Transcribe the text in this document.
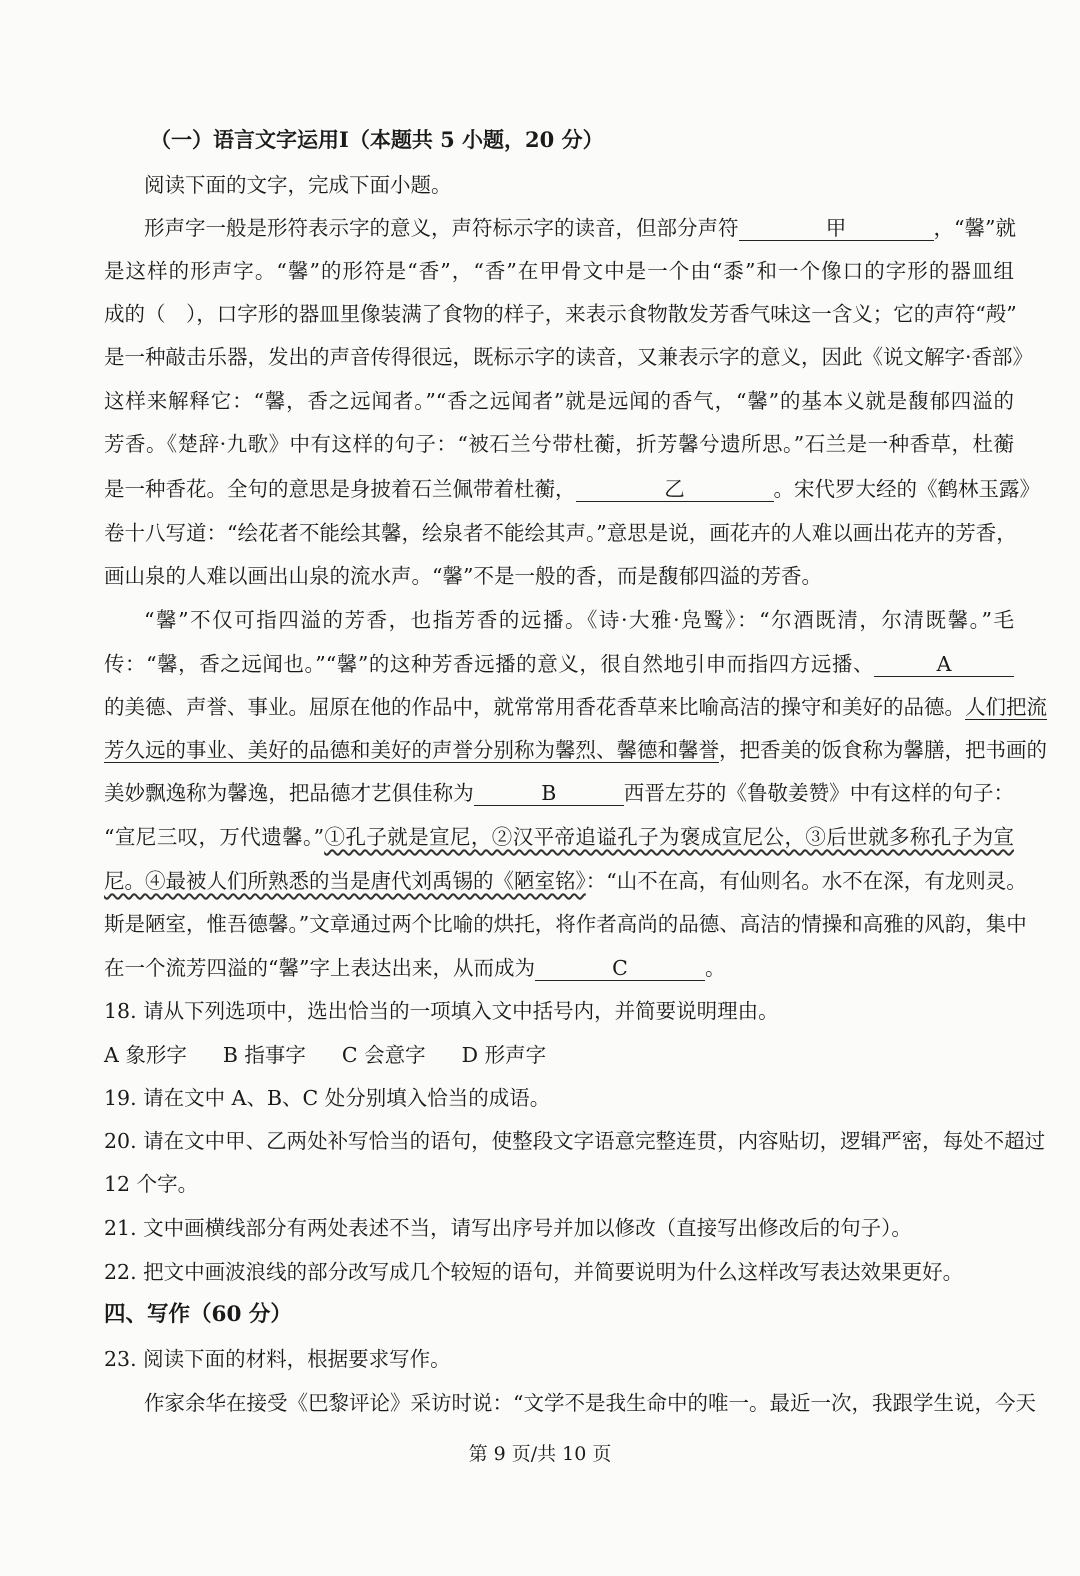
（一）语言文字运用Ⅰ（本题共 5 小题，20 分）
阅读下面的文字，完成下面小题。
形声字一般是形符表示字的意义，声符标示字的读音，但部分声符	甲	，“馨”就
是这样的形声字。“馨”的形符是“香”，“香”在甲骨文中是一个由“黍”和一个像口的字形的器皿组
成的（　），口字形的器皿里像装满了食物的样子，来表示食物散发芳香气味这一含义；它的声符“殸”
是一种敲击乐器，发出的声音传得很远，既标示字的读音，又兼表示字的意义，因此《说文解字·香部》
这样来解释它：“馨，香之远闻者。”“香之远闻者”就是远闻的香气，“馨”的基本义就是馥郁四溢的
芳香。《楚辞·九歌》中有这样的句子：“被石兰兮带杜蘅，折芳馨兮遗所思。”石兰是一种香草，杜蘅
是一种香花。全句的意思是身披着石兰佩带着杜蘅，	乙	。宋代罗大经的《鹤林玉露》
卷十八写道：“绘花者不能绘其馨，绘泉者不能绘其声。”意思是说，画花卉的人难以画出花卉的芳香，
画山泉的人难以画出山泉的流水声。“馨”不是一般的香，而是馥郁四溢的芳香。
“馨”不仅可指四溢的芳香，也指芳香的远播。《诗·大雅·凫鹥》：“尔酒既清，尔清既馨。”毛
传：“馨，香之远闻也。”“馨”的这种芳香远播的意义，很自然地引申而指四方远播、	A
的美德、声誉、事业。屈原在他的作品中，就常常用香花香草来比喻高洁的操守和美好的品德。人们把流
芳久远的事业、美好的品德和美好的声誉分别称为馨烈、馨德和馨誉，把香美的饭食称为馨膳，把书画的
美妙飘逸称为馨逸，把品德才艺俱佳称为	B	西晋左芬的《鲁敬姜赞》中有这样的句子：
“宣尼三叹，万代遗馨。”①孔子就是宣尼，②汉平帝追谥孔子为褒成宣尼公，③后世就多称孔子为宣
尼。④最被人们所熟悉的当是唐代刘禹锡的《陋室铭》：“山不在高，有仙则名。水不在深，有龙则灵。
斯是陋室，惟吾德馨。”文章通过两个比喻的烘托，将作者高尚的品德、高洁的情操和高雅的风韵，集中
在一个流芳四溢的“馨”字上表达出来，从而成为	C	。
18. 请从下列选项中，选出恰当的一项填入文中括号内，并简要说明理由。
A 象形字 B 指事字 C 会意字 D 形声字
19. 请在文中 A、B、C 处分别填入恰当的成语。
20. 请在文中甲、乙两处补写恰当的语句，使整段文字语意完整连贯，内容贴切，逻辑严密，每处不超过
12 个字。
21. 文中画横线部分有两处表述不当，请写出序号并加以修改（直接写出修改后的句子）。
22. 把文中画波浪线的部分改写成几个较短的语句，并简要说明为什么这样改写表达效果更好。
四、写作（60 分）
23. 阅读下面的材料，根据要求写作。
作家余华在接受《巴黎评论》采访时说：“文学不是我生命中的唯一。最近一次，我跟学生说，今天
第 9 页/共 10 页
